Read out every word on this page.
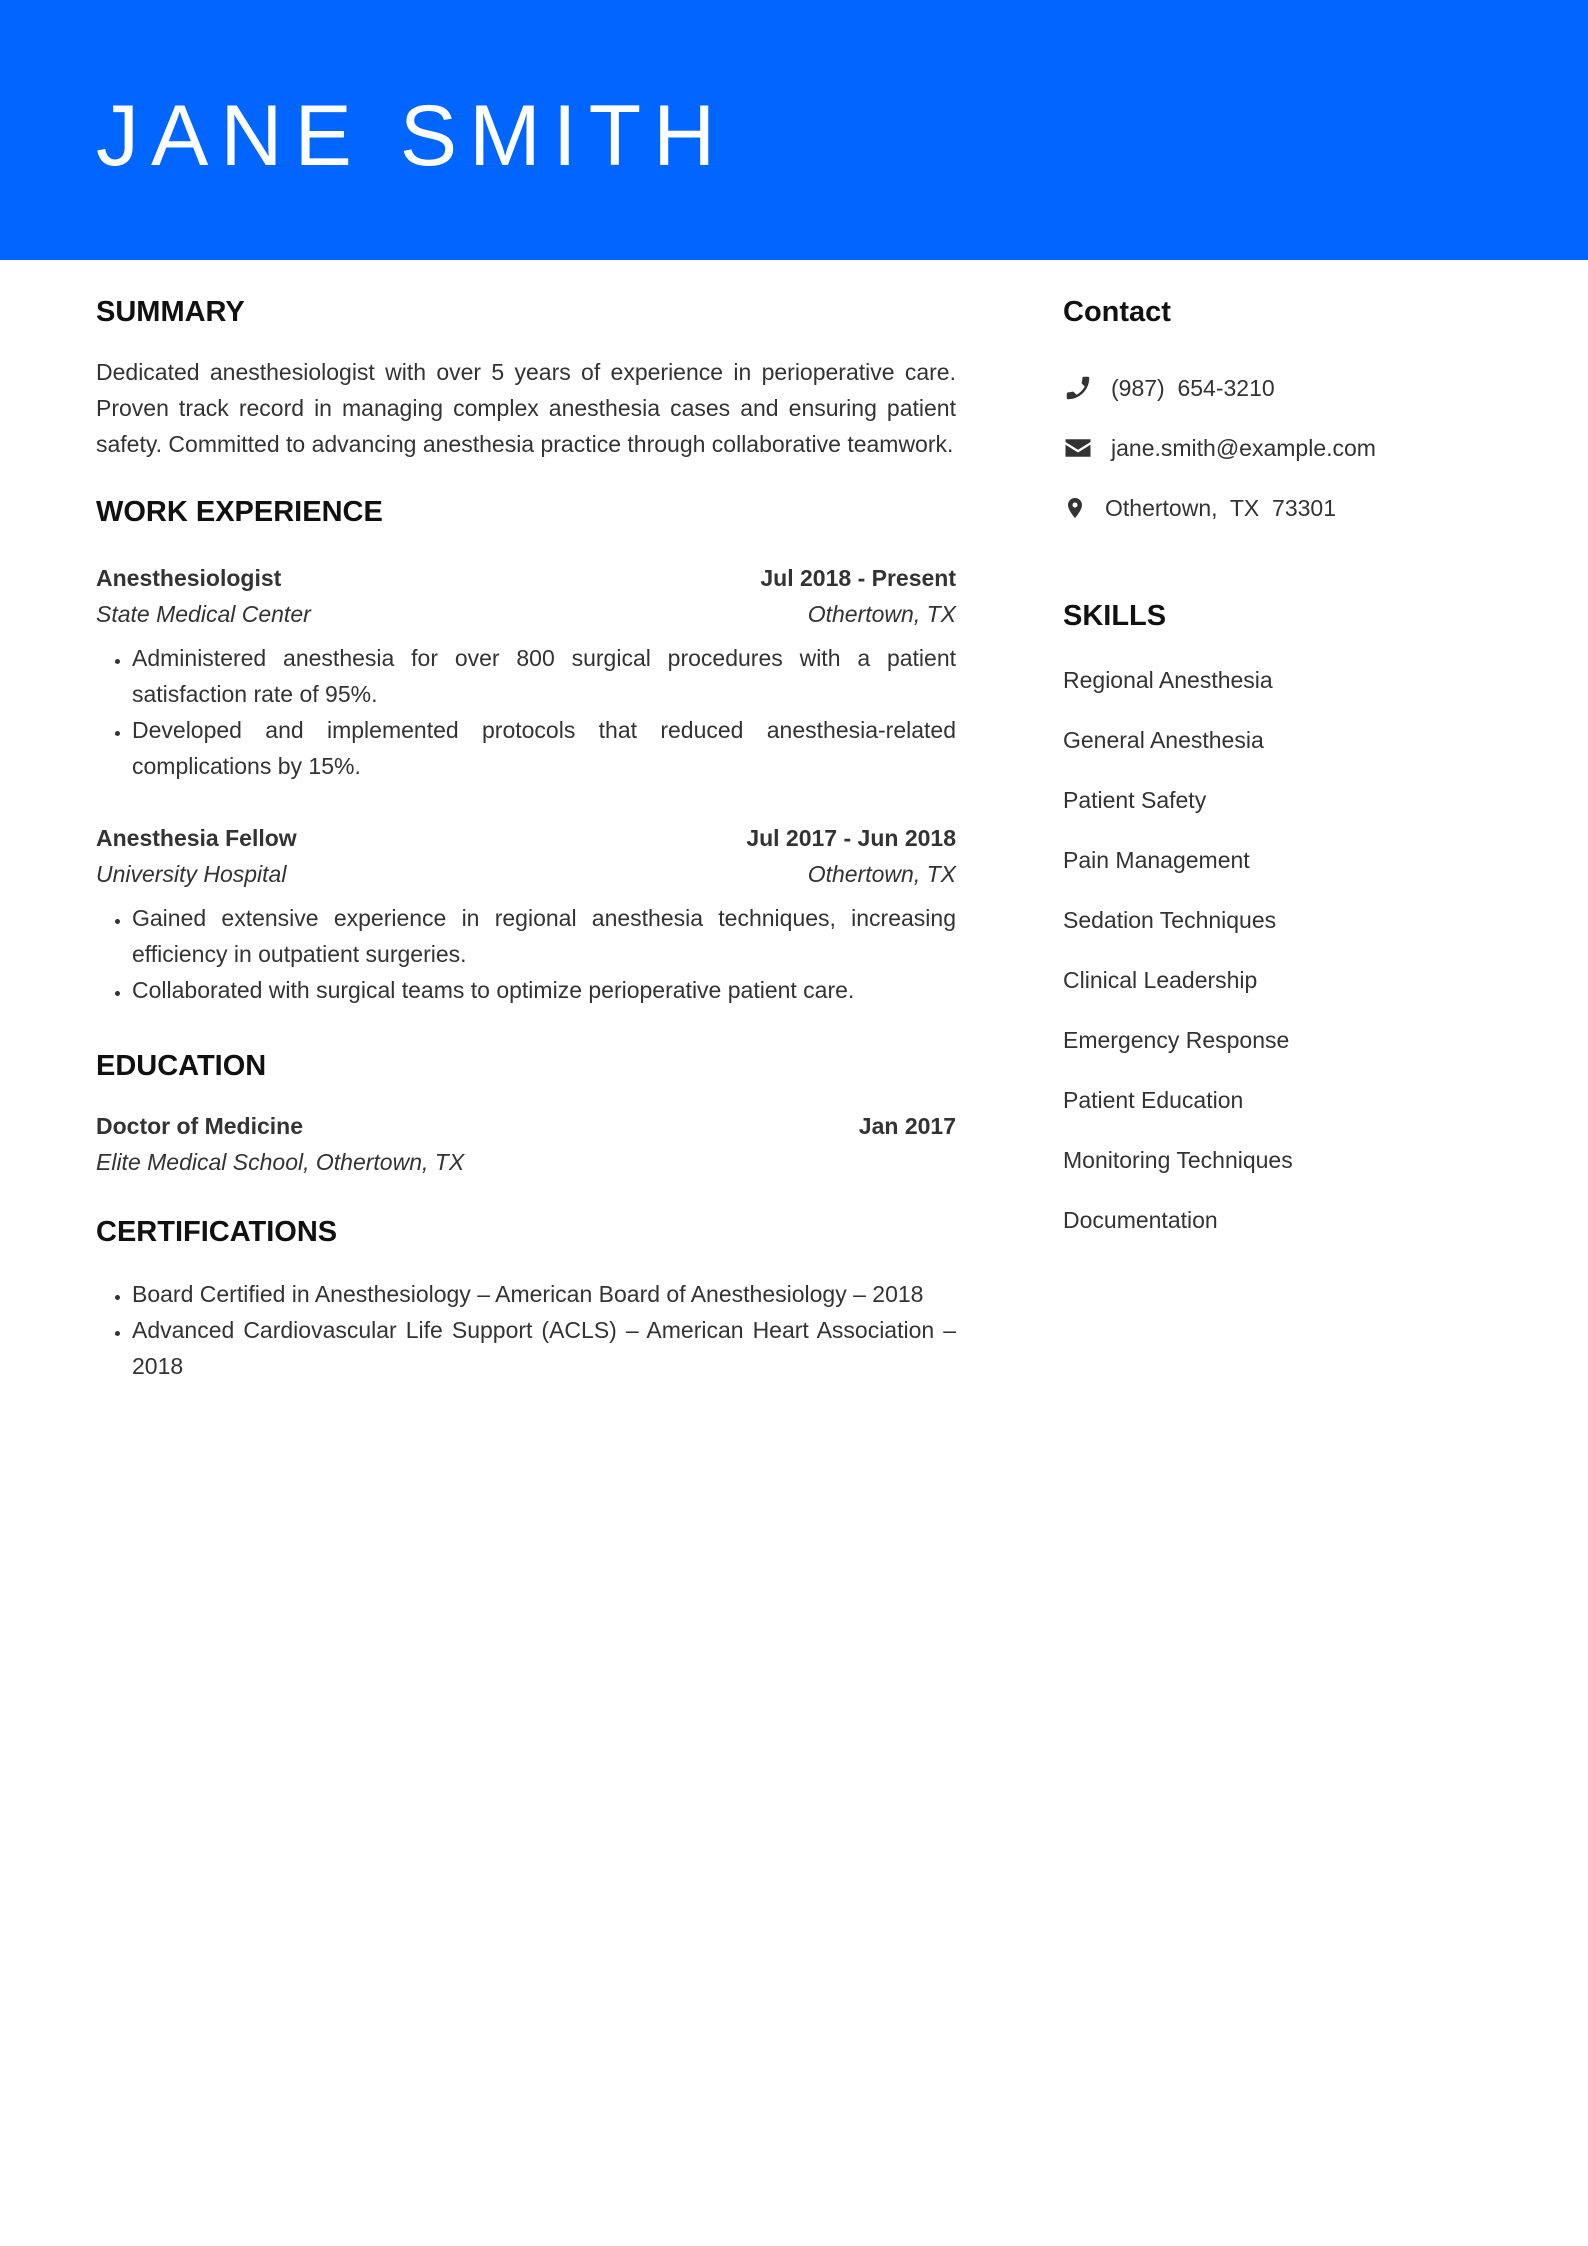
JANE SMITH
SUMMARY

Dedicated anesthesiologist with over 5 years of experience in perioperative care. Proven track record in managing complex anesthesia cases and ensuring patient safety. Committed to advancing anesthesia practice through collaborative teamwork.

WORK EXPERIENCE
Anesthesiologist	Jul 2018 - Present
State Medical Center	Othertown, TX
• Administered anesthesia for over 800 surgical procedures with a patient satisfaction rate of 95%.
• Developed and implemented protocols that reduced anesthesia-related complications by 15%.
Anesthesia Fellow	Jul 2017 - Jun 2018
University Hospital	Othertown, TX
• Gained extensive experience in regional anesthesia techniques, increasing efficiency in outpatient surgeries.
• Collaborated with surgical teams to optimize perioperative patient care.
EDUCATION
Doctor of Medicine	Jan 2017
Elite Medical School, Othertown, TX
CERTIFICATIONS
• Board Certified in Anesthesiology – American Board of Anesthesiology – 2018
• Advanced Cardiovascular Life Support (ACLS) – American Heart Association – 2018
Contact
(987)  654-3210
jane.smith@example.com
Othertown,  TX  73301
SKILLS
Regional Anesthesia
General Anesthesia
Patient Safety
Pain Management
Sedation Techniques
Clinical Leadership
Emergency Response
Patient Education
Monitoring Techniques
Documentation
